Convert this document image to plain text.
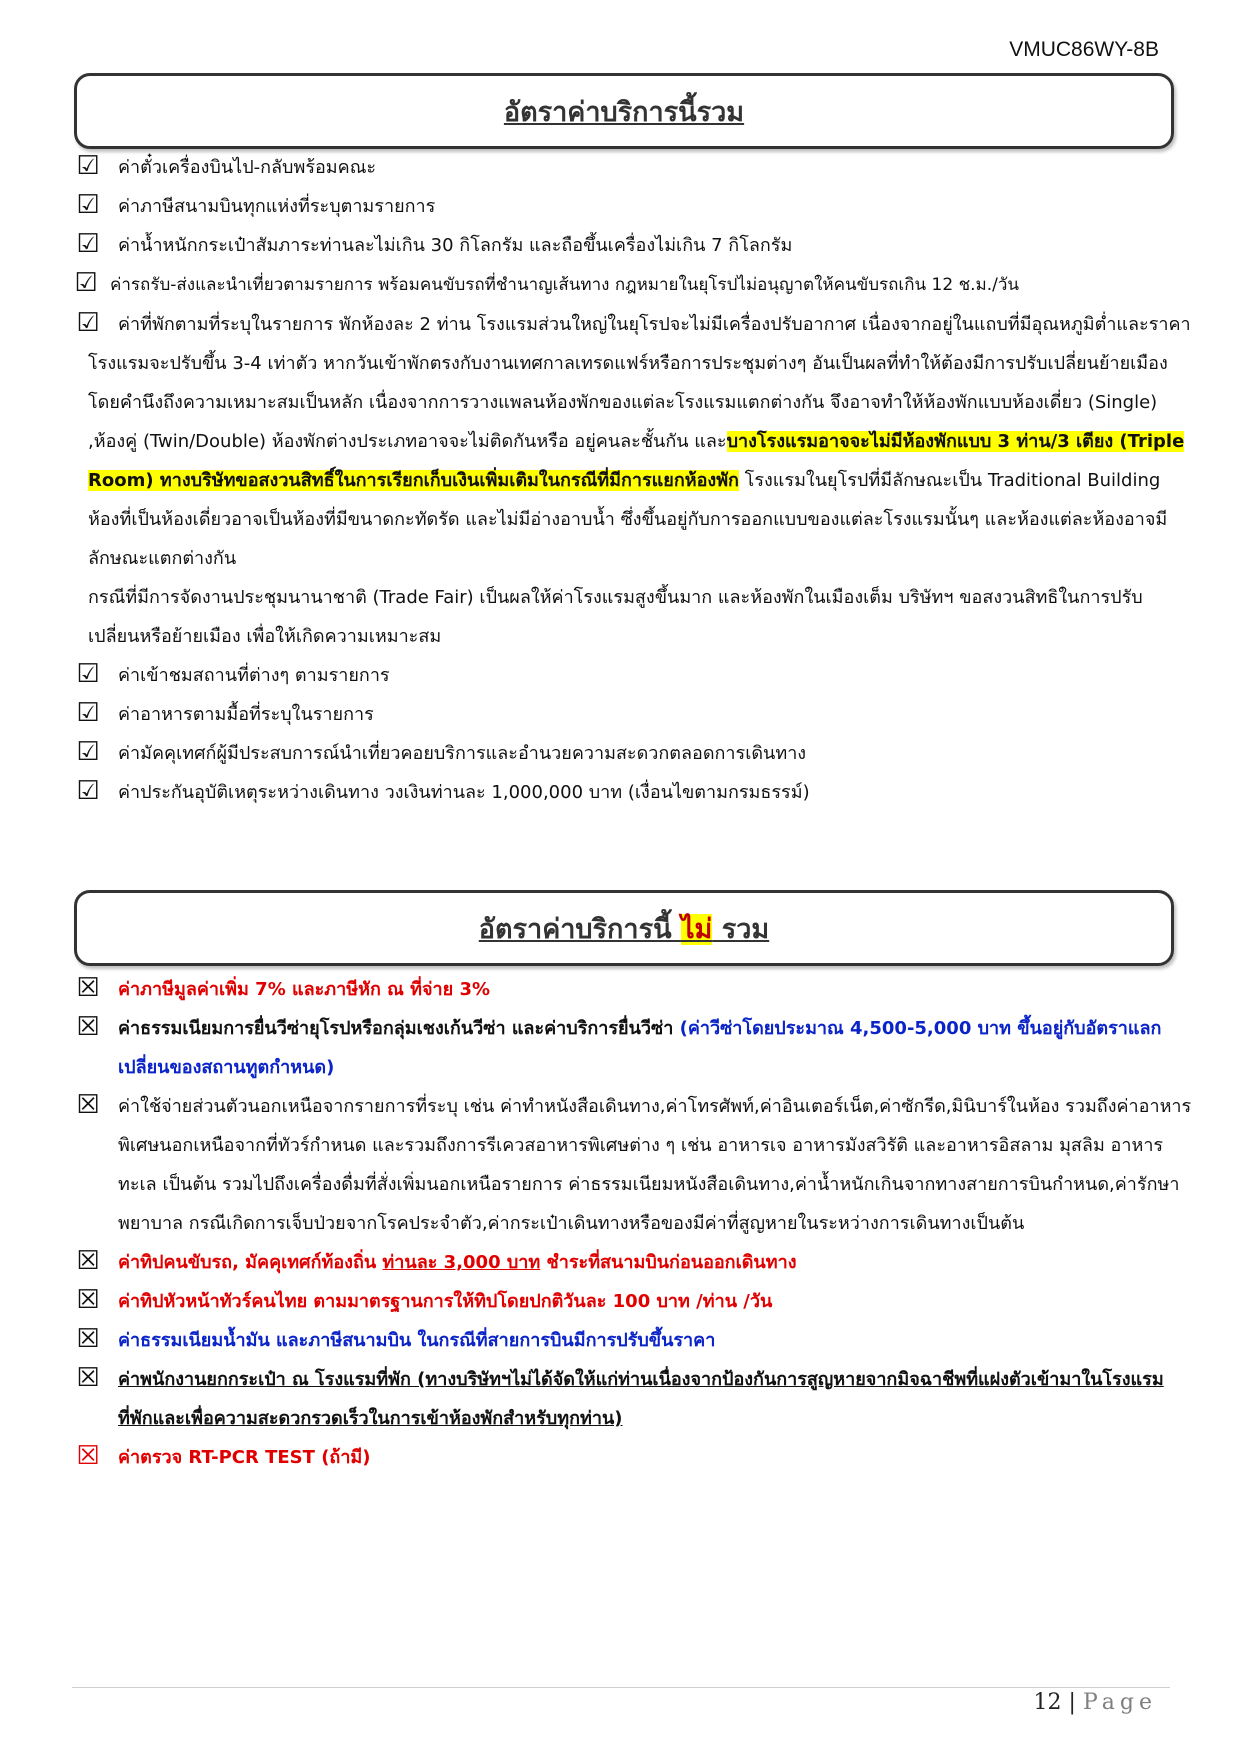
VMUC86WY-8B
อัตราค่าบริการนี้รวม
☑ ค่าตั๋วเครื่องบินไป-กลับพร้อมคณะ
☑ ค่าภาษีสนามบินทุกแห่งที่ระบุตามรายการ
☑ ค่าน้ำหนักกระเป๋าสัมภาระท่านละไม่เกิน 30 กิโลกรัม และถือขึ้นเครื่องไม่เกิน 7 กิโลกรัม
☑ ค่ารถรับ-ส่งและนำเที่ยวตามรายการ พร้อมคนขับรถที่ชำนาญเส้นทาง กฎหมายในยุโรปไม่อนุญาตให้คนขับรถเกิน 12 ช.ม./วัน
☑	ค่าที่พักตามที่ระบุในรายการ พักห้องละ 2 ท่าน โรงแรมส่วนใหญ่ในยุโรปจะไม่มีเครื่องปรับอากาศ เนื่องจากอยู่ในแถบที่มีอุณหภูมิต่ำและราคาโรงแรมจะปรับขึ้น 3-4 เท่าตัว หากวันเข้าพักตรงกับงานเทศกาลเทรดแฟร์หรือการประชุมต่างๆ อันเป็นผลที่ทำให้ต้องมีการปรับเปลี่ยนย้ายเมือง โดยคำนึงถึงความเหมาะสมเป็นหลัก เนื่องจากการวางแพลนห้องพักของแต่ละโรงแรมแตกต่างกัน จึงอาจทำให้ห้องพักแบบห้องเดี่ยว (Single) ,ห้องคู่ (Twin/Double) ห้องพักต่างประเภทอาจจะไม่ติดกันหรือ อยู่คนละชั้นกัน และบางโรงแรมอาจจะไม่มีห้องพักแบบ 3 ท่าน/3 เตียง (Triple Room) ทางบริษัทขอสงวนสิทธิ์ในการเรียกเก็บเงินเพิ่มเติมในกรณีที่มีการแยกห้องพัก โรงแรมในยุโรปที่มีลักษณะเป็น Traditional Building ห้องที่เป็นห้องเดี่ยวอาจเป็นห้องที่มีขนาดกะทัดรัด และไม่มีอ่างอาบน้ำ ซึ่งขึ้นอยู่กับการออกแบบของแต่ละโรงแรมนั้นๆ และห้องแต่ละห้องอาจมีลักษณะแตกต่างกัน
กรณีที่มีการจัดงานประชุมนานาชาติ (Trade Fair) เป็นผลให้ค่าโรงแรมสูงขึ้นมาก และห้องพักในเมืองเต็ม บริษัทฯ ขอสงวนสิทธิในการปรับเปลี่ยนหรือย้ายเมือง เพื่อให้เกิดความเหมาะสม
☑ ค่าเข้าชมสถานที่ต่างๆ ตามรายการ
☑ ค่าอาหารตามมื้อที่ระบุในรายการ
☑ ค่ามัคคุเทศก์ผู้มีประสบการณ์นำเที่ยวคอยบริการและอำนวยความสะดวกตลอดการเดินทาง
☑ ค่าประกันอุบัติเหตุระหว่างเดินทาง วงเงินท่านละ 1,000,000 บาท (เงื่อนไขตามกรมธรรม์)
อัตราค่าบริการนี้ ไม่ รวม
☒ ค่าภาษีมูลค่าเพิ่ม 7% และภาษีหัก ณ ที่จ่าย 3%
☒ ค่าธรรมเนียมการยื่นวีซ่ายุโรปหรือกลุ่มเชงเก้นวีซ่า และค่าบริการยื่นวีซ่า (ค่าวีซ่าโดยประมาณ 4,500-5,000 บาท ขึ้นอยู่กับอัตราแลกเปลี่ยนของสถานทูตกำหนด)
☒ ค่าใช้จ่ายส่วนตัวนอกเหนือจากรายการที่ระบุ เช่น ค่าทำหนังสือเดินทาง,ค่าโทรศัพท์,ค่าอินเตอร์เน็ต,ค่าซักรีด,มินิบาร์ในห้อง รวมถึงค่าอาหารพิเศษนอกเหนือจากที่ทัวร์กำหนด และรวมถึงการรีเควสอาหารพิเศษต่าง ๆ เช่น อาหารเจ อาหารมังสวิรัติ และอาหารอิสลาม มุสลิม อาหารทะเล เป็นต้น รวมไปถึงเครื่องดื่มที่สั่งเพิ่มนอกเหนือรายการ ค่าธรรมเนียมหนังสือเดินทาง,ค่าน้ำหนักเกินจากทางสายการบินกำหนด,ค่ารักษาพยาบาล กรณีเกิดการเจ็บป่วยจากโรคประจำตัว,ค่ากระเป๋าเดินทางหรือของมีค่าที่สูญหายในระหว่างการเดินทางเป็นต้น
☒ ค่าทิปคนขับรถ, มัคคุเทศก์ท้องถิ่น ท่านละ 3,000 บาท ชำระที่สนามบินก่อนออกเดินทาง
☒ ค่าทิปหัวหน้าทัวร์คนไทย ตามมาตรฐานการให้ทิปโดยปกติวันละ 100 บาท /ท่าน /วัน
☒ ค่าธรรมเนียมน้ำมัน และภาษีสนามบิน ในกรณีที่สายการบินมีการปรับขึ้นราคา
☒ ค่าพนักงานยกกระเป๋า ณ โรงแรมที่พัก (ทางบริษัทฯไม่ได้จัดให้แก่ท่านเนื่องจากป้องกันการสูญหายจากมิจฉาชีพที่แฝงตัวเข้ามาในโรงแรมที่พักและเพื่อความสะดวกรวดเร็วในการเข้าห้องพักสำหรับทุกท่าน)
☒ ค่าตรวจ RT-PCR TEST (ถ้ามี)
12 | Page
